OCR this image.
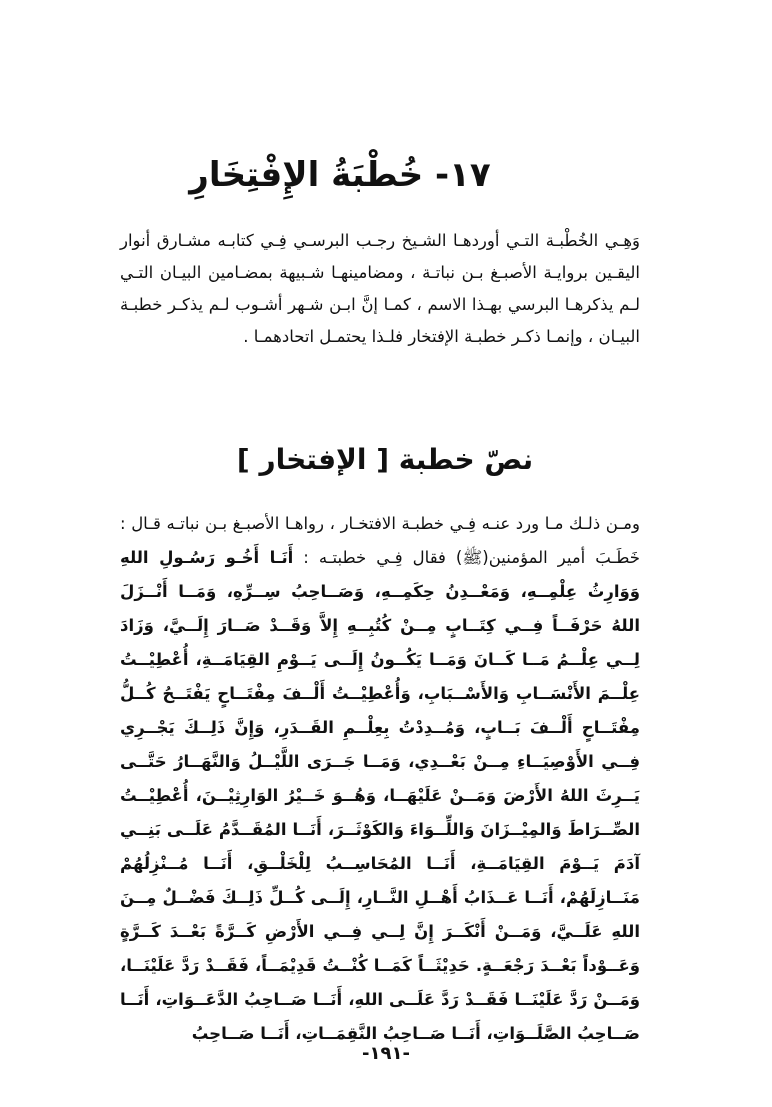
١٧- خُطْبَةُ الإِفْتِخَارِ

وَهِـي الخُطْبـة التـي أوردهـا الشـيخ رجـب البرسـي فِـي كتابـه مشـارق أنوار اليقـين بروايـة الأصبـغ بـن نباتـة ، ومضامينهـا شـبيهة بمضـامين البيـان التـي لـم يذكرهـا البرسي بهـذا الاسم ، كمـا إنَّ ابـن شـهر أشـوب لـم يذكـر خطبـة البيـان ، وإنمـا ذكـر خطبـة الإفتخار فلـذا يحتمـل اتحادهمـا .

نصّ خطبة [ الإفتخار ]

ومـن ذلـك مـا ورد عنـه فِـي خطبـة الافتخـار ، رواهـا الأصبـغ بـن نباتـه قـال : خَطَـبَ أمير المؤمنين(ﷺ) فقال فِـي خطبتـه : أَنَـا أَخُـو رَسُـولِ اللهِ وَوَارِثُ عِلْمِــهِ، وَمَعْــدِنُ حِكَمِــهِ، وَصَــاحِبُ سِــرِّهِ، وَمَــا أَنْــزَلَ اللهُ حَرْفَــاً فِــي كِتَــابٍ مِــنْ كُتُبِــهِ إِلاَّ وَقَــدْ صَــارَ إِلَــيَّ، وَزَادَ لِــي عِلْــمُ مَــا كَــانَ وَمَــا يَكُــونُ إِلَــى يَــوْمِ القِيَامَــةِ، أُعْطِيْــتُ عِلْــمَ الأَنْسَــابِ وَالأَسْــبَابِ، وَأُعْطِيْــتُ أَلْــفَ مِفْتَــاحٍ يَفْتَــحُ كُــلُّ مِفْتَــاحٍ أَلْــفَ بَــابٍ، وَمُــدِدْتُ بِعِلْــمِ القَــدَرِ، وَإِنَّ ذَلِــكَ يَجْــرِي فِــي الأَوْصِيَــاءِ مِــنْ بَعْــدِي، وَمَــا جَــرَى اللَّيْــلُ وَالنَّهَــارُ حَتَّــى يَــرِثَ اللهُ الأَرْضَ وَمَــنْ عَلَيْهَــا، وَهُــوَ خَــيْرُ الوَارِثِيْــنَ، أُعْطِيْــتُ الصِّــرَاطَ وَالمِيْــزَانَ وَاللِّــوَاءَ وَالكَوْثَــرَ، أَنَــا المُقَــدَّمُ عَلَــى بَنِــي آدَمَ يَــوْمَ القِيَامَــةِ، أَنَــا المُحَاسِــبُ لِلْخَلْــقِ، أَنَــا مُــنْزِلُهُمْ مَنَــازِلَهُمْ، أَنَــا عَــذَابُ أَهْــلِ النَّــارِ، إِلَــى كُــلِّ ذَلِــكَ فَضْــلٌ مِــنَ اللهِ عَلَــيَّ، وَمَــنْ أَنْكَــرَ إِنَّ لِــي فِــي الأَرْضِ كَــرَّةً بَعْــدَ كَــرَّةٍ وَعَــوْداً بَعْــدَ رَجْعَــةٍ. حَدِيْثَــاً كَمَــا كُنْــتُ قَدِيْمَــاً، فَقَــدْ رَدَّ عَلَيْنَــا، وَمَــنْ رَدَّ عَلَيْنَــا فَقَــدْ رَدَّ عَلَــى اللهِ، أَنَــا صَــاحِبُ الدَّعَــوَاتِ، أَنَــا صَــاحِبُ الصَّلَــوَاتِ، أَنَــا صَــاحِبُ النَّقِمَــاتِ، أَنَــا صَــاحِبُ

-١٩١-
